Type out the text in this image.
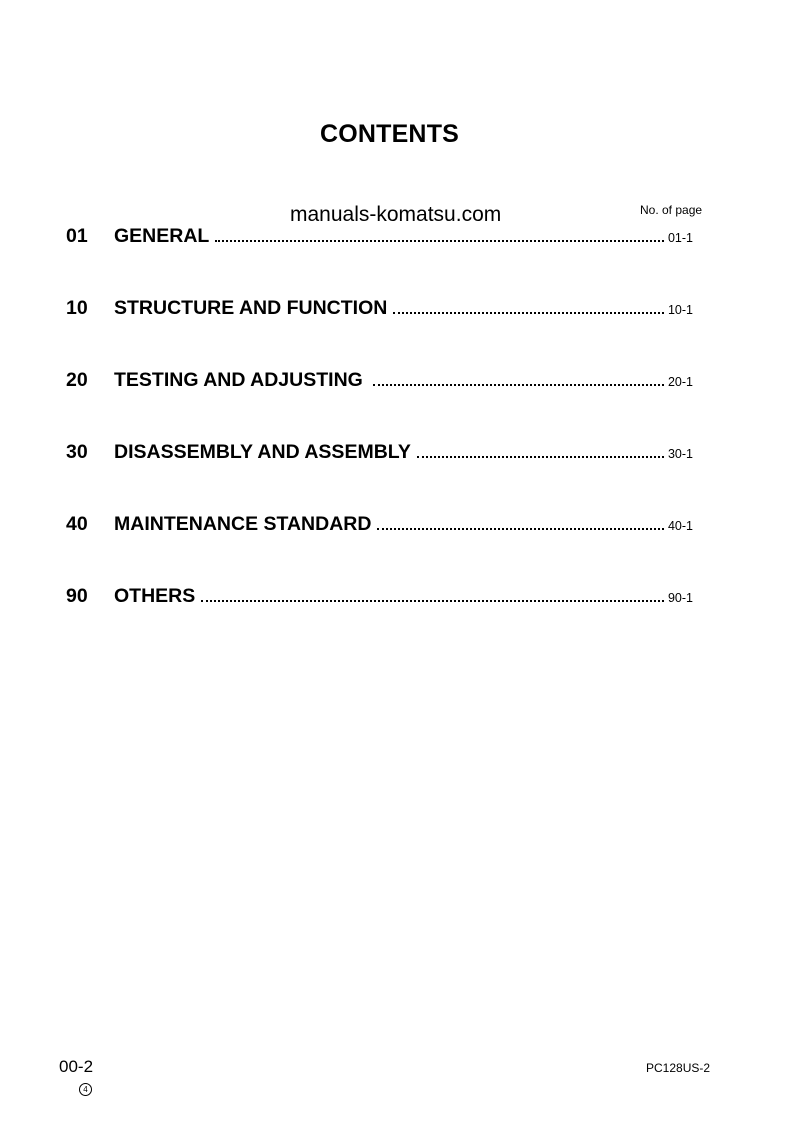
CONTENTS
manuals-komatsu.com	No. of page
01	GENERAL	01-1
10	STRUCTURE AND FUNCTION	10-1
20	TESTING AND ADJUSTING	20-1
30	DISASSEMBLY AND ASSEMBLY	30-1
40	MAINTENANCE STANDARD	40-1
90	OTHERS	90-1
00-2
4
PC128US-2
